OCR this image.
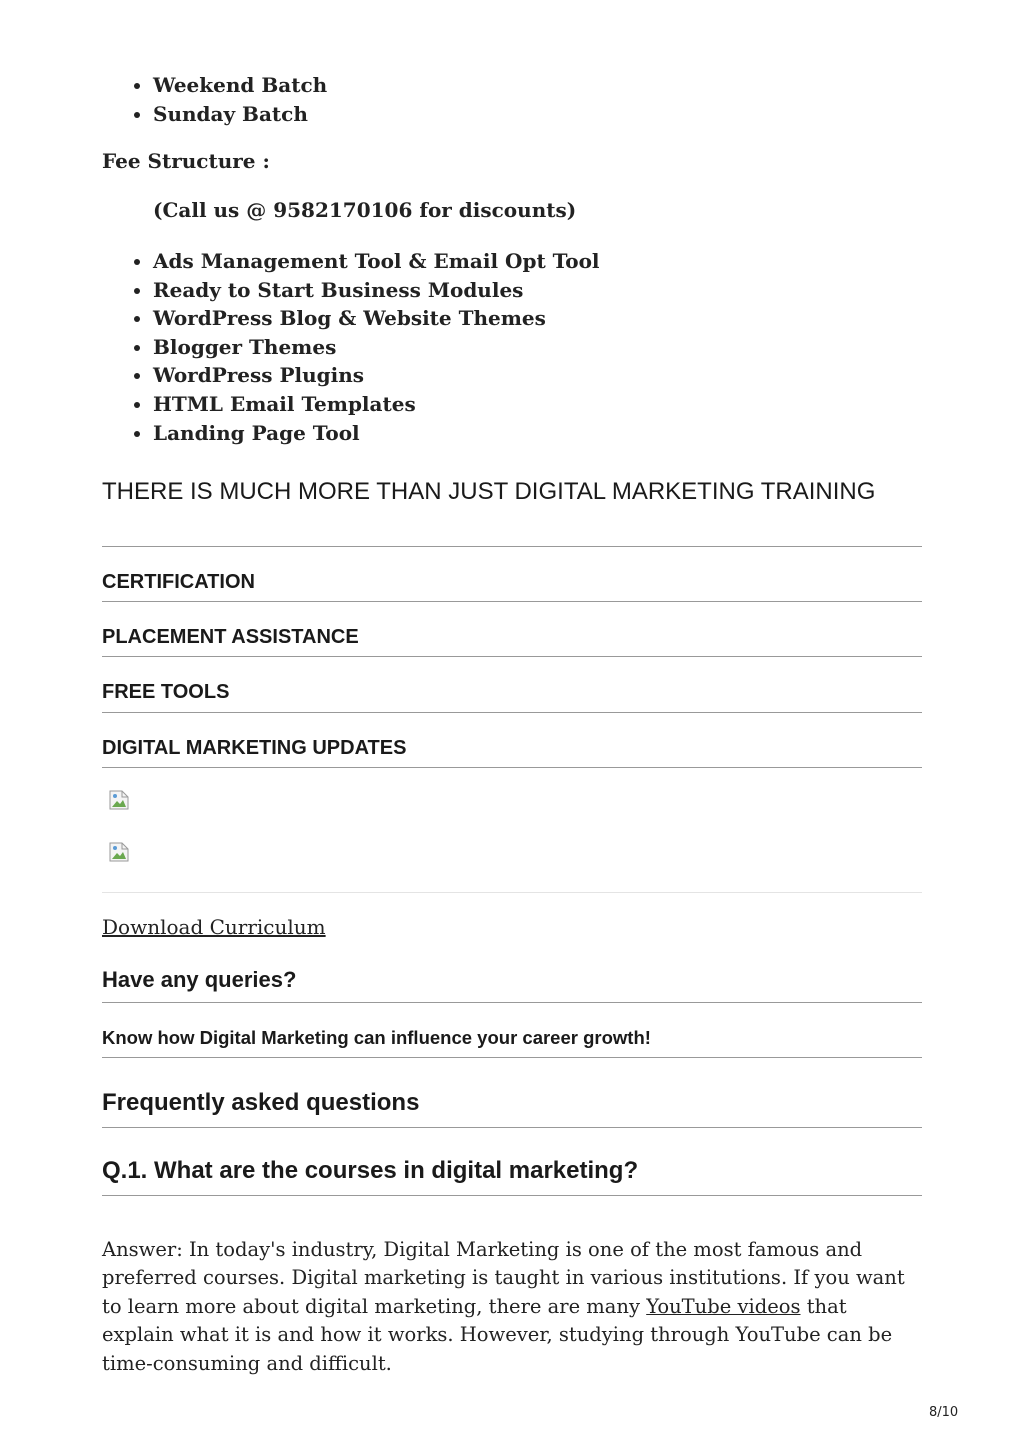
• Weekend Batch
• Sunday Batch

Fee Structure :

(Call us @ 9582170106 for discounts)

• Ads Management Tool & Email Opt Tool
• Ready to Start Business Modules
• WordPress Blog & Website Themes
• Blogger Themes
• WordPress Plugins
• HTML Email Templates
• Landing Page Tool
THERE IS MUCH MORE THAN JUST DIGITAL MARKETING TRAINING
CERTIFICATION
PLACEMENT ASSISTANCE
FREE TOOLS
DIGITAL MARKETING UPDATES

Download Curriculum

Have any queries?
Know how Digital Marketing can influence your career growth!
Frequently asked questions
Q.1. What are the courses in digital marketing?

Answer: In today's industry, Digital Marketing is one of the most famous and preferred courses. Digital marketing is taught in various institutions. If you want to learn more about digital marketing, there are many YouTube videos that explain what it is and how it works. However, studying through YouTube can be time-consuming and difficult.

8/10
